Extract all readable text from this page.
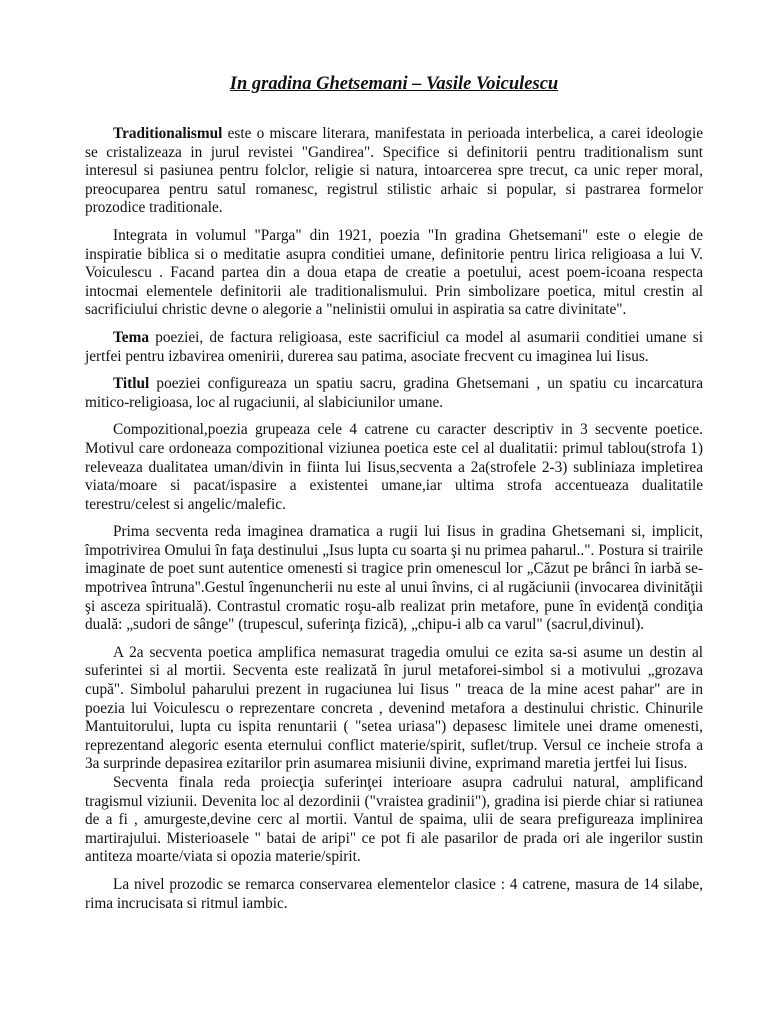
In gradina Ghetsemani – Vasile Voiculescu

Traditionalismul este o miscare literara, manifestata in perioada interbelica, a carei ideologie se cristalizeaza in jurul revistei "Gandirea". Specifice si definitorii pentru traditionalism sunt interesul si pasiunea pentru folclor, religie si natura, intoarcerea spre trecut, ca unic reper moral, preocuparea pentru satul romanesc, registrul stilistic arhaic si popular, si pastrarea formelor prozodice traditionale.

Integrata in volumul "Parga" din 1921, poezia "In gradina Ghetsemani" este o elegie de inspiratie biblica si o meditatie asupra conditiei umane, definitorie pentru lirica religioasa a lui V. Voiculescu . Facand partea din a doua etapa de creatie a poetului, acest poem-icoana respecta intocmai elementele definitorii ale traditionalismului. Prin simbolizare poetica, mitul crestin al sacrificiului christic devne o alegorie a "nelinistii omului in aspiratia sa catre divinitate".

Tema poeziei, de factura religioasa, este sacrificiul ca model al asumarii conditiei umane si jertfei pentru izbavirea omenirii, durerea sau patima, asociate frecvent cu imaginea lui Iisus.

Titlul poeziei configureaza un spatiu sacru, gradina Ghetsemani , un spatiu cu incarcatura mitico-religioasa, loc al rugaciunii, al slabiciunilor umane.

Compozitional,poezia grupeaza cele 4 catrene cu caracter descriptiv in 3 secvente poetice. Motivul care ordoneaza compozitional viziunea poetica este cel al dualitatii: primul tablou(strofa 1) releveaza dualitatea uman/divin in fiinta lui Iisus,secventa a 2a(strofele 2-3) subliniaza impletirea viata/moare si pacat/ispasire a existentei umane,iar ultima strofa accentueaza dualitatile terestru/celest si angelic/malefic.

Prima secventa reda imaginea dramatica a rugii lui Iisus in gradina Ghetsemani si, implicit, împotrivirea Omului în faţa destinului „Isus lupta cu soarta şi nu primea paharul..". Postura si trairile imaginate de poet sunt autentice omenesti si tragice prin omenescul lor „Căzut pe brânci în iarbă se-mpotrivea întruna".Gestul îngenuncherii nu este al unui învins, ci al rugăciunii (invocarea divinităţii şi asceza spirituală). Contrastul cromatic roşu-alb realizat prin metafore, pune în evidenţă condiţia duală: „sudori de sânge" (trupescul, suferinţa fizică), „chipu-i alb ca varul" (sacrul,divinul).

A 2a secventa poetica amplifica nemasurat tragedia omului ce ezita sa-si asume un destin al suferintei si al mortii. Secventa este realizată în jurul metaforei-simbol si a motivului „grozava cupă". Simbolul paharului prezent in rugaciunea lui Iisus " treaca de la mine acest pahar" are in poezia lui Voiculescu o reprezentare concreta , devenind metafora a destinului christic. Chinurile Mantuitorului, lupta cu ispita renuntarii ( "setea uriasa") depasesc limitele unei drame omenesti, reprezentand alegoric esenta eternului conflict materie/spirit, suflet/trup. Versul ce incheie strofa a 3a surprinde depasirea ezitarilor prin asumarea misiunii divine, exprimand maretia jertfei lui Iisus.

Secventa finala reda proiecţia suferinţei interioare asupra cadrului natural, amplificand tragismul viziunii. Devenita loc al dezordinii ("vraistea gradinii"), gradina isi pierde chiar si ratiunea de a fi , amurgeste,devine cerc al mortii. Vantul de spaima, ulii de seara prefigureaza implinirea martirajului. Misterioasele " batai de aripi" ce pot fi ale pasarilor de prada ori ale ingerilor sustin antiteza moarte/viata si opozia materie/spirit.

La nivel prozodic se remarca conservarea elementelor clasice : 4 catrene, masura de 14 silabe, rima incrucisata si ritmul iambic.
